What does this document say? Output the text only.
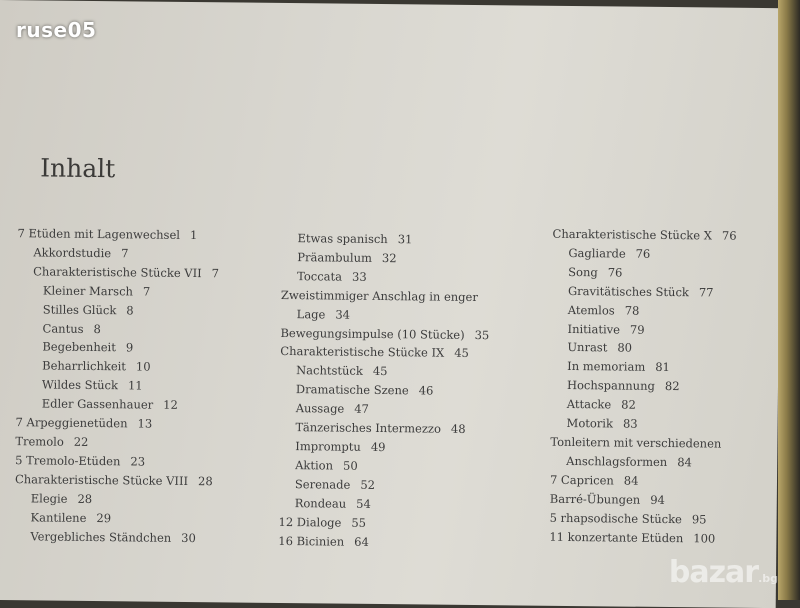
Inhalt
7 Etüden mit Lagenwechsel 1
Akkordstudie 7
Charakteristische Stücke VII 7
Kleiner Marsch 7
Stilles Glück 8
Cantus 8
Begebenheit 9
Beharrlichkeit 10
Wildes Stück 11
Edler Gassenhauer 12
7 Arpeggienetüden 13
Tremolo 22
5 Tremolo-Etüden 23
Charakteristische Stücke VIII 28
Elegie 28
Kantilene 29
Vergebliches Ständchen 30
Etwas spanisch 31
Präambulum 32
Toccata 33
Zweistimmiger Anschlag in enger
Lage 34
Bewegungsimpulse (10 Stücke) 35
Charakteristische Stücke IX 45
Nachtstück 45
Dramatische Szene 46
Aussage 47
Tänzerisches Intermezzo 48
Impromptu 49
Aktion 50
Serenade 52
Rondeau 54
12 Dialoge 55
16 Bicinien 64
Charakteristische Stücke X 76
Gagliarde 76
Song 76
Gravitätisches Stück 77
Atemlos 78
Initiative 79
Unrast 80
In memoriam 81
Hochspannung 82
Attacke 82
Motorik 83
Tonleitern mit verschiedenen
Anschlagsformen 84
7 Capricen 84
Barré-Übungen 94
5 rhapsodische Stücke 95
11 konzertante Etüden 100
ruse05
bazar.bg
